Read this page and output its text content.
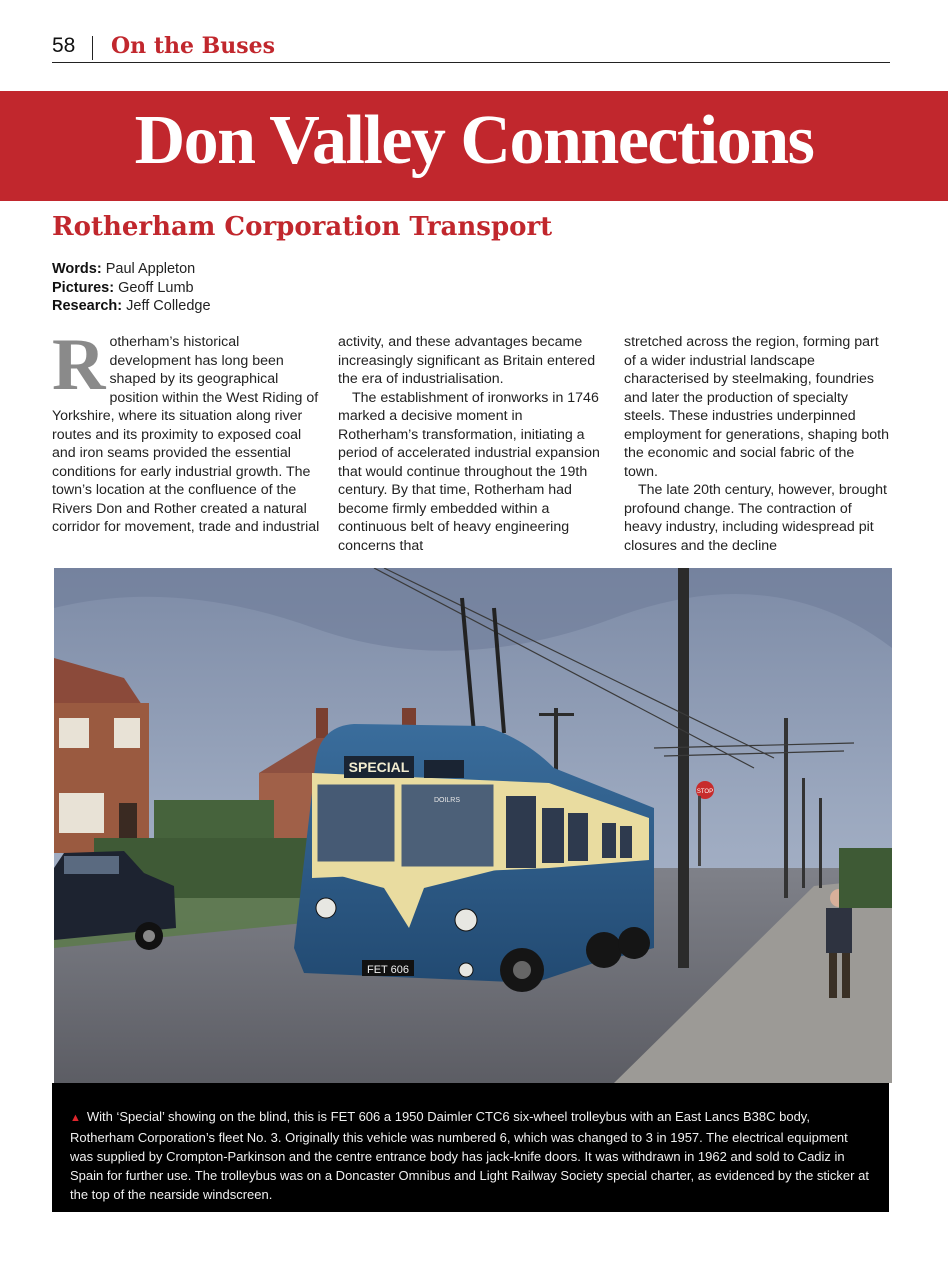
58 On the Buses
Don Valley Connections
Rotherham Corporation Transport
Words: Paul Appleton
Pictures: Geoff Lumb
Research: Jeff Colledge

Rotherham’s historical development has long been shaped by its geographical position within the West Riding of Yorkshire, where its situation along river routes and its proximity to exposed coal and iron seams provided the essential conditions for early industrial growth. The town’s location at the confluence of the Rivers Don and Rother created a natural corridor for movement, trade and industrial

activity, and these advantages became increasingly significant as Britain entered the era of industrialisation.

The establishment of ironworks in 1746 marked a decisive moment in Rotherham’s transformation, initiating a period of accelerated industrial expansion that would continue throughout the 19th century. By that time, Rotherham had become firmly embedded within a continuous belt of heavy engineering concerns that

stretched across the region, forming part of a wider industrial landscape characterised by steelmaking, foundries and later the production of specialty steels. These industries underpinned employment for generations, shaping both the economic and social fabric of the town.

The late 20th century, however, brought profound change. The contraction of heavy industry, including widespread pit closures and the decline

STOP
SPECIAL
DOILRS
FET 606
▲ With ‘Special’ showing on the blind, this is FET 606 a 1950 Daimler CTC6 six-wheel trolleybus with an East Lancs B38C body, Rotherham Corporation’s fleet No. 3. Originally this vehicle was numbered 6, which was changed to 3 in 1957. The electrical equipment was supplied by Crompton-Parkinson and the centre entrance body has jack-knife doors. It was withdrawn in 1962 and sold to Cadiz in Spain for further use. The trolleybus was on a Doncaster Omnibus and Light Railway Society special charter, as evidenced by the sticker at the top of the nearside windscreen.
